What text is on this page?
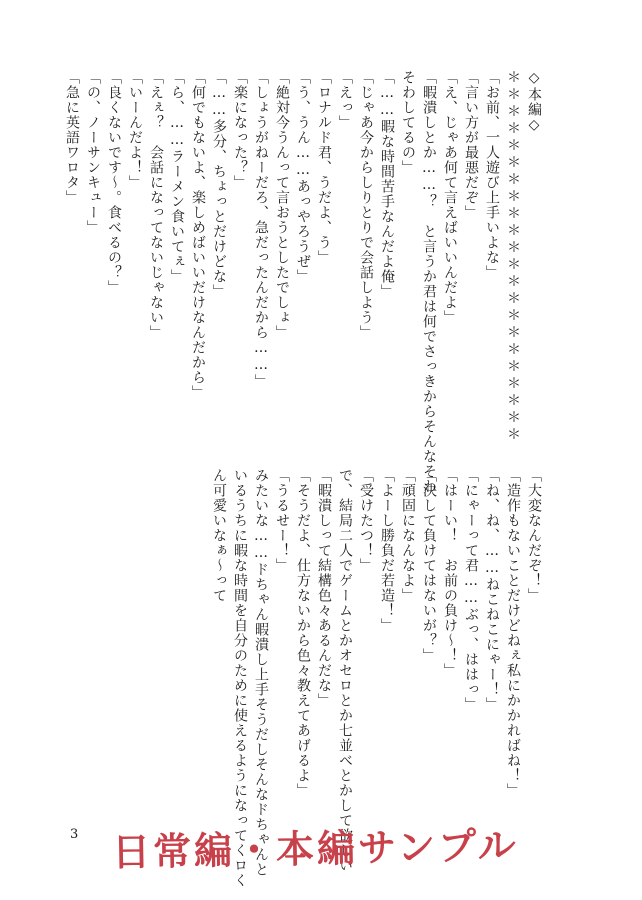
◇本編◇
＊＊＊＊＊＊＊＊＊＊＊＊＊＊＊＊＊＊＊＊＊＊
「お前、一人遊び上手いよな」
「言い方が最悪だぞ」
「え、じゃあ何て言えばいいんだよ」
「暇潰しとか……？　と言うか君は何でさっきからそんなそわ
そわしてるの」
「……暇な時間苦手なんだよ俺」
「じゃあ今からしりとりで会話しよう」
「えっ」
「ロナルド君、うだよ、う」
「う、うん……あっやろうぜ」
「絶対今うんって言おうとしたでしょ」
「しょうがねーだろ、急だったんだから……」
「楽になった？」
「……多分、ちょっとだけどな」
「何でもないよ、楽しめばいいだけなんだから」
「ら、……ラーメン食いてぇ」
「えぇ？　会話になってないじゃない」
「いーんだよ！」
「良くないです～。食べるの？」
「の、ノーサンキュー」
「急に英語ワロタ」
「大変なんだぞ！」
「造作もないことだけどねぇ私にかかればね！」
「ね、ね、……ねこねこにゃー！」
「にゃーって君……ぶっ、ははっ」
「はーい！　お前の負け～！」
「決して負けてはないが？」
「頑固になんなよ」
「よーし勝負だ若造！」
「受けたつ！」
で、結局二人でゲームとかオセロとか七並べとかして欲しい
「暇潰しって結構色々あるんだな」
「そうだよ、仕方ないから色々教えてあげるよ」
「うるせー！」
みたいな……ドちゃん暇潰し上手そうだしそんなドちゃんと
いるうちに暇な時間を自分のために使えるようになってくロく
ん可愛いなぁ～って
3 日常編・本編サンプル
